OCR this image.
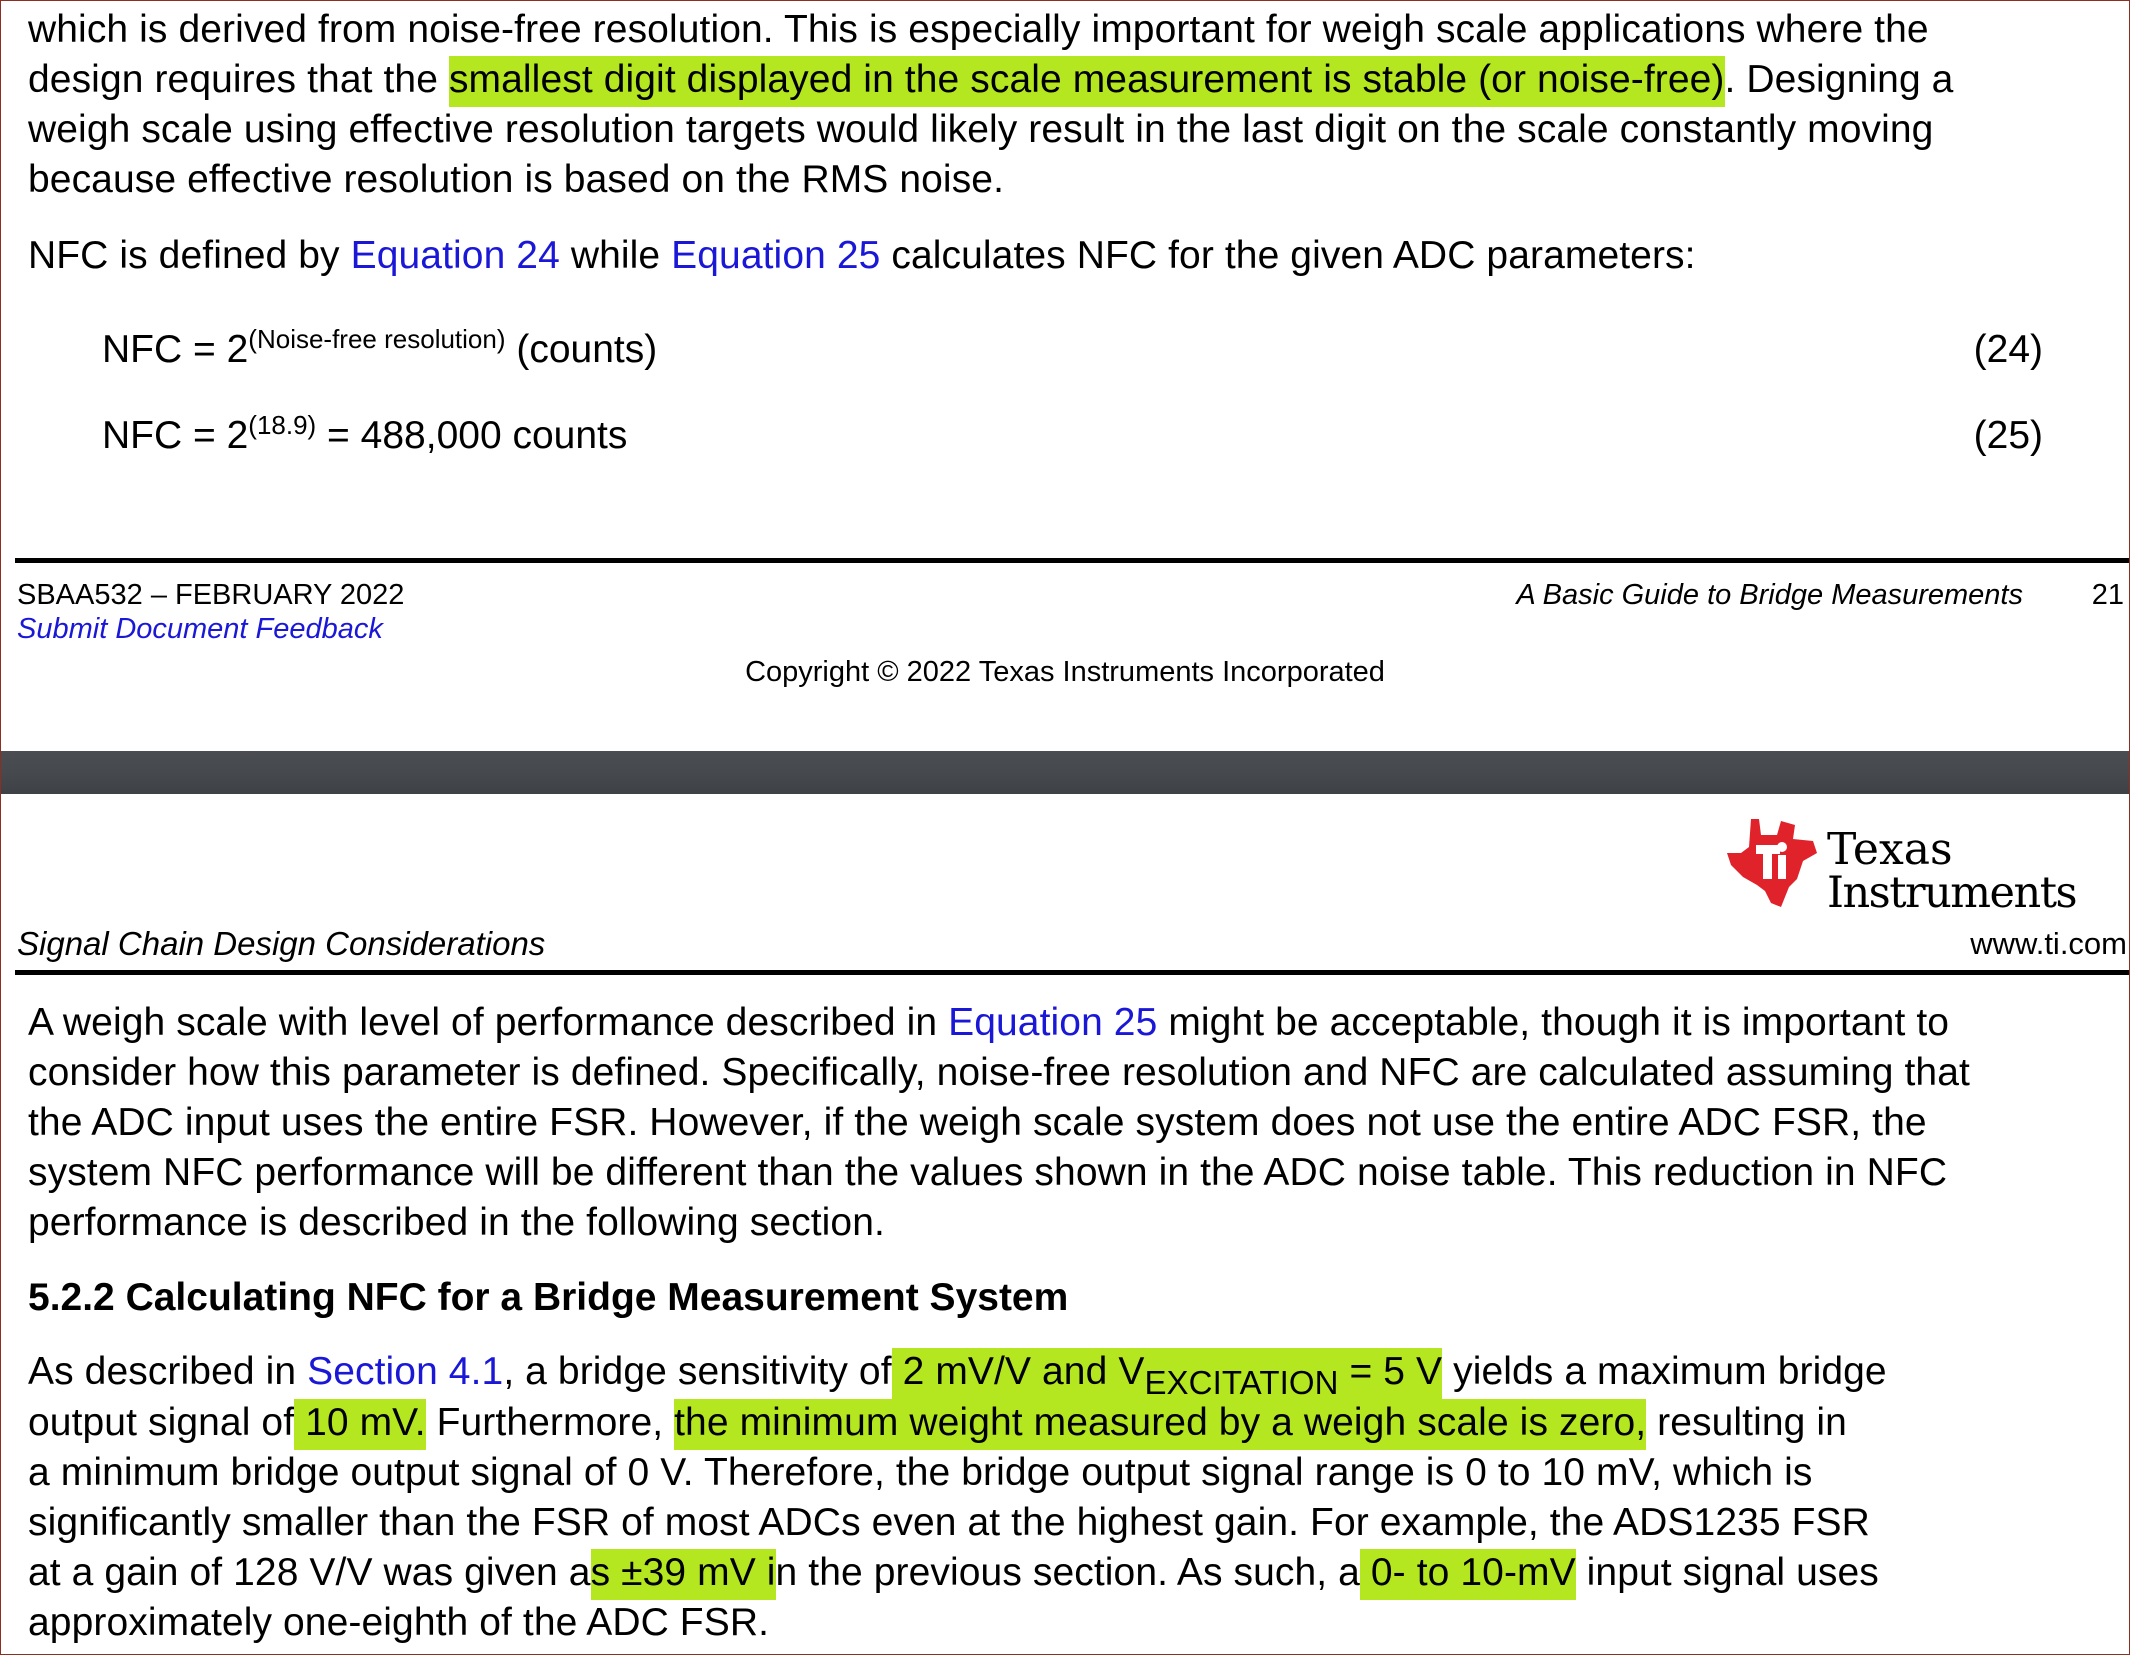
which is derived from noise-free resolution. This is especially important for weigh scale applications where the
design requires that the smallest digit displayed in the scale measurement is stable (or noise-free). Designing a
weigh scale using effective resolution targets would likely result in the last digit on the scale constantly moving
because effective resolution is based on the RMS noise.

NFC is defined by Equation 24 while Equation 25 calculates NFC for the given ADC parameters:

NFC = $2^{(Noise-free resolution)}$ (counts)	(24)
NFC = $2^{(18.9)} = 488,000$ counts	(25)
SBAA532 – FEBRUARY 2022
Submit Document Feedback
A Basic Guide to Bridge Measurements 21
Copyright © 2022 Texas Instruments Incorporated
Texas
Instruments
Signal Chain Design Considerations	www.ti.com

A weigh scale with level of performance described in Equation 25 might be acceptable, though it is important to
consider how this parameter is defined. Specifically, noise-free resolution and NFC are calculated assuming that
the ADC input uses the entire FSR. However, if the weigh scale system does not use the entire ADC FSR, the
system NFC performance will be different than the values shown in the ADC noise table. This reduction in NFC
performance is described in the following section.

5.2.2 Calculating NFC for a Bridge Measurement System

As described in Section 4.1, a bridge sensitivity of 2 mV/V and $V_{EXCITATION} = 5$ V yields a maximum bridge
output signal of 10 mV. Furthermore, the minimum weight measured by a weigh scale is zero, resulting in
a minimum bridge output signal of 0 V. Therefore, the bridge output signal range is 0 to 10 mV, which is
significantly smaller than the FSR of most ADCs even at the highest gain. For example, the ADS1235 FSR
at a gain of 128 V/V was given as ±39 mV in the previous section. As such, a 0- to 10-mV input signal uses
approximately one-eighth of the ADC FSR.
